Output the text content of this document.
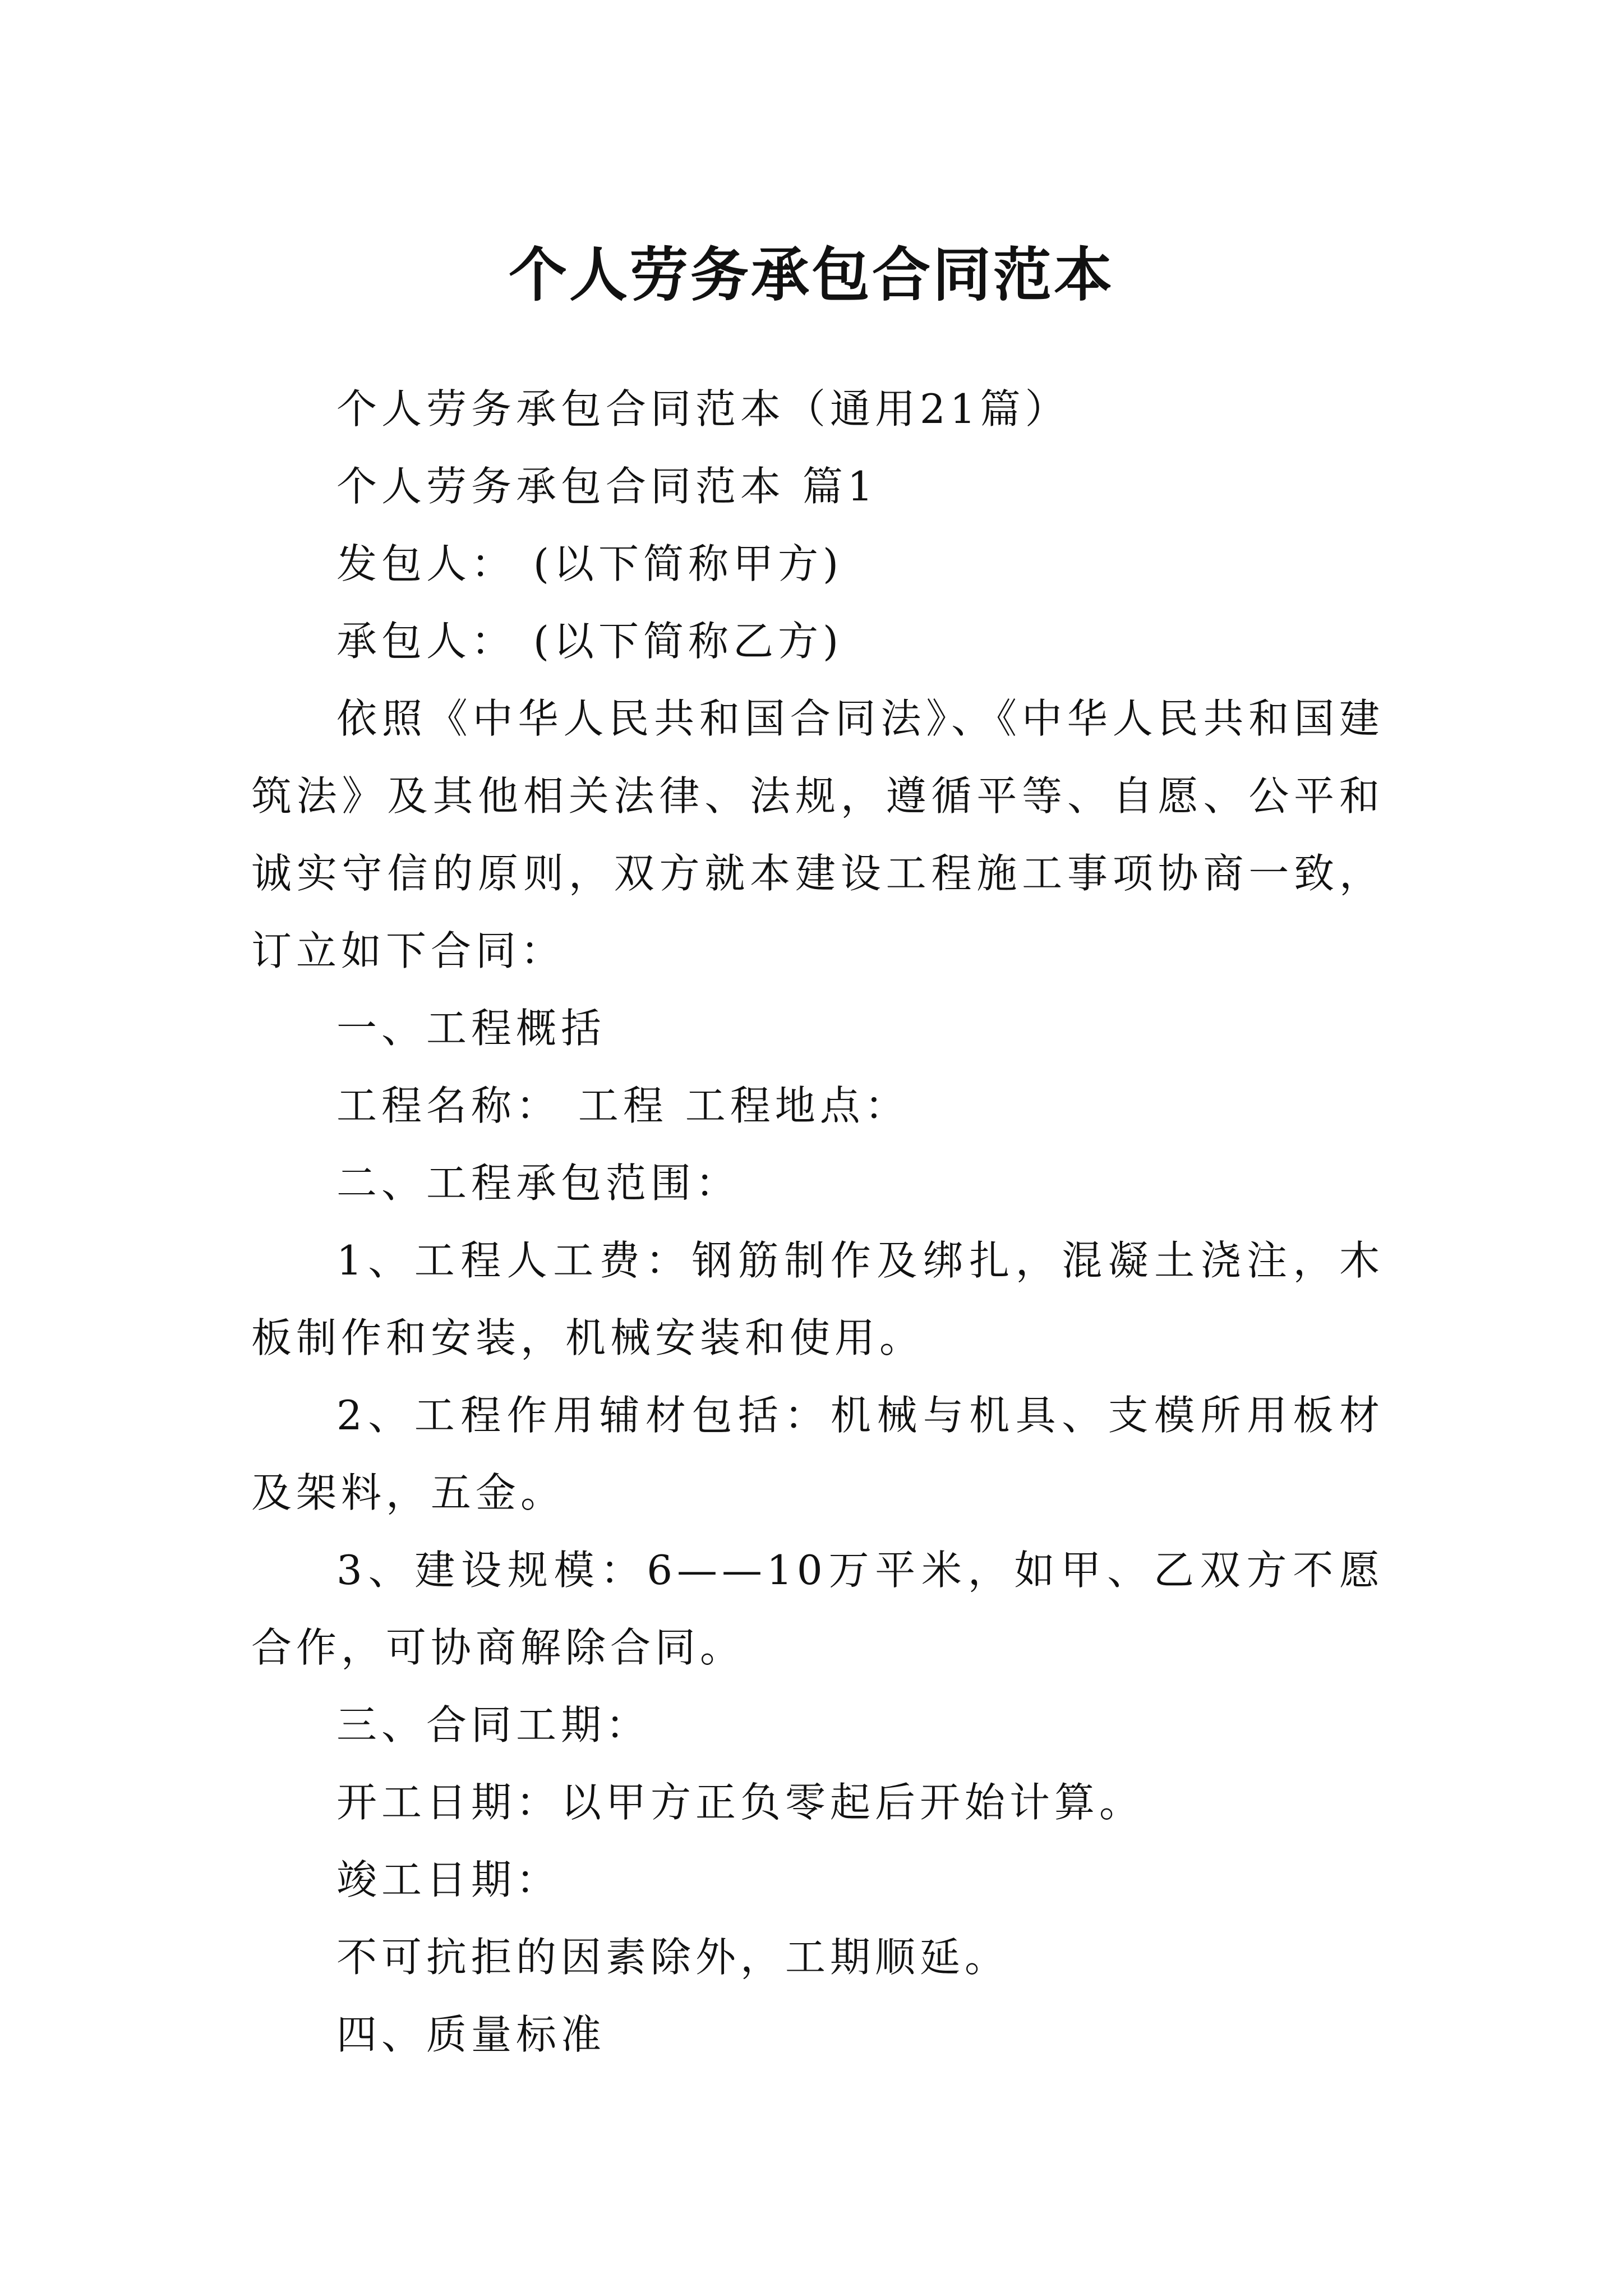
个人劳务承包合同范本

个人劳务承包合同范本（通用21篇）

个人劳务承包合同范本 篇1

发包人： (以下简称甲方)

承包人： (以下简称乙方)

依照《中华人民共和国合同法》、《中华人民共和国建筑法》及其他相关法律、法规，遵循平等、自愿、公平和诚实守信的原则，双方就本建设工程施工事项协商一致，订立如下合同：

一、工程概括

工程名称： 工程 工程地点：

二、工程承包范围：

1、工程人工费：钢筋制作及绑扎，混凝土浇注，木板制作和安装，机械安装和使用。

2、工程作用辅材包括：机械与机具、支模所用板材及架料，五金。

3、建设规模：6——10万平米，如甲、乙双方不愿合作，可协商解除合同。

三、合同工期：

开工日期：以甲方正负零起后开始计算。

竣工日期：

不可抗拒的因素除外，工期顺延。

四、质量标准
